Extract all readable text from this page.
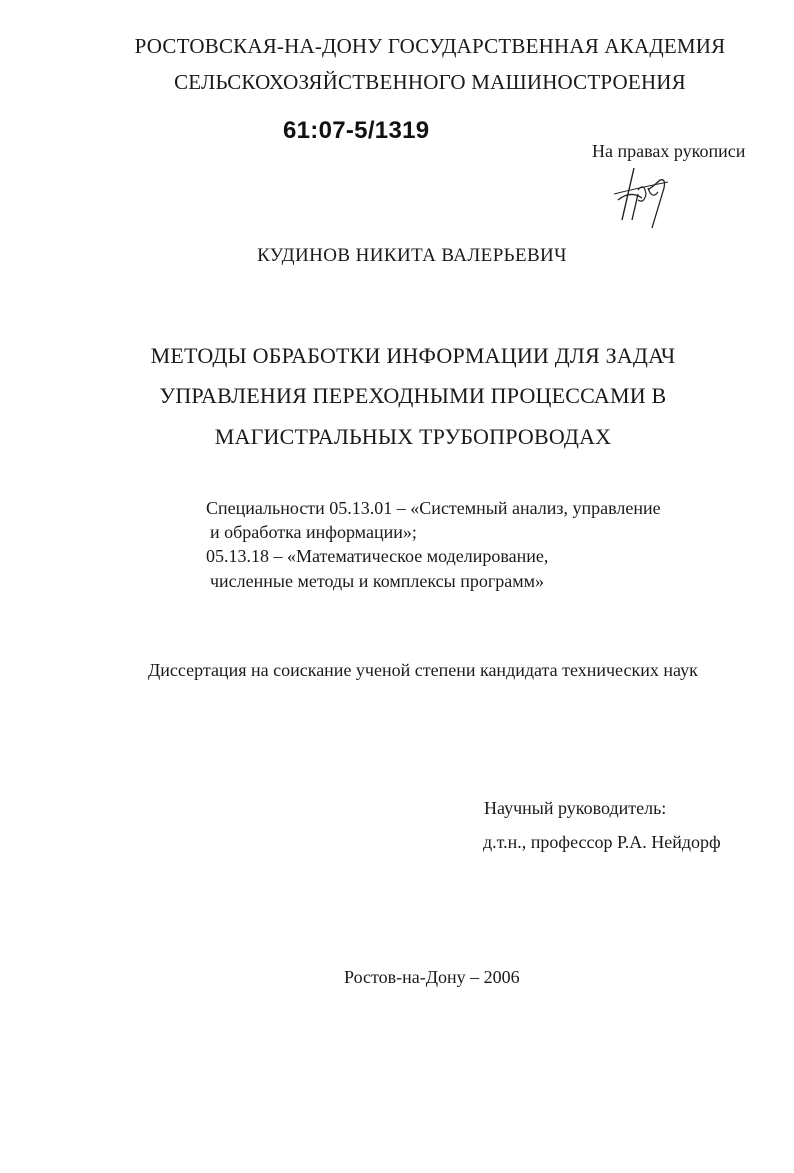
РОСТОВСКАЯ-НА-ДОНУ ГОСУДАРСТВЕННАЯ АКАДЕМИЯ
СЕЛЬСКОХОЗЯЙСТВЕННОГО МАШИНОСТРОЕНИЯ
61:07-5/1319
На правах рукописи
КУДИНОВ НИКИТА ВАЛЕРЬЕВИЧ
МЕТОДЫ ОБРАБОТКИ ИНФОРМАЦИИ ДЛЯ ЗАДАЧ
УПРАВЛЕНИЯ ПЕРЕХОДНЫМИ ПРОЦЕССАМИ В
МАГИСТРАЛЬНЫХ ТРУБОПРОВОДАХ
Специальности 05.13.01 – «Системный анализ, управление
и обработка информации»;
05.13.18 – «Математическое моделирование,
численные методы и комплексы программ»
Диссертация на соискание ученой степени кандидата технических наук
Научный руководитель:
д.т.н., профессор Р.А. Нейдорф
Ростов-на-Дону – 2006
